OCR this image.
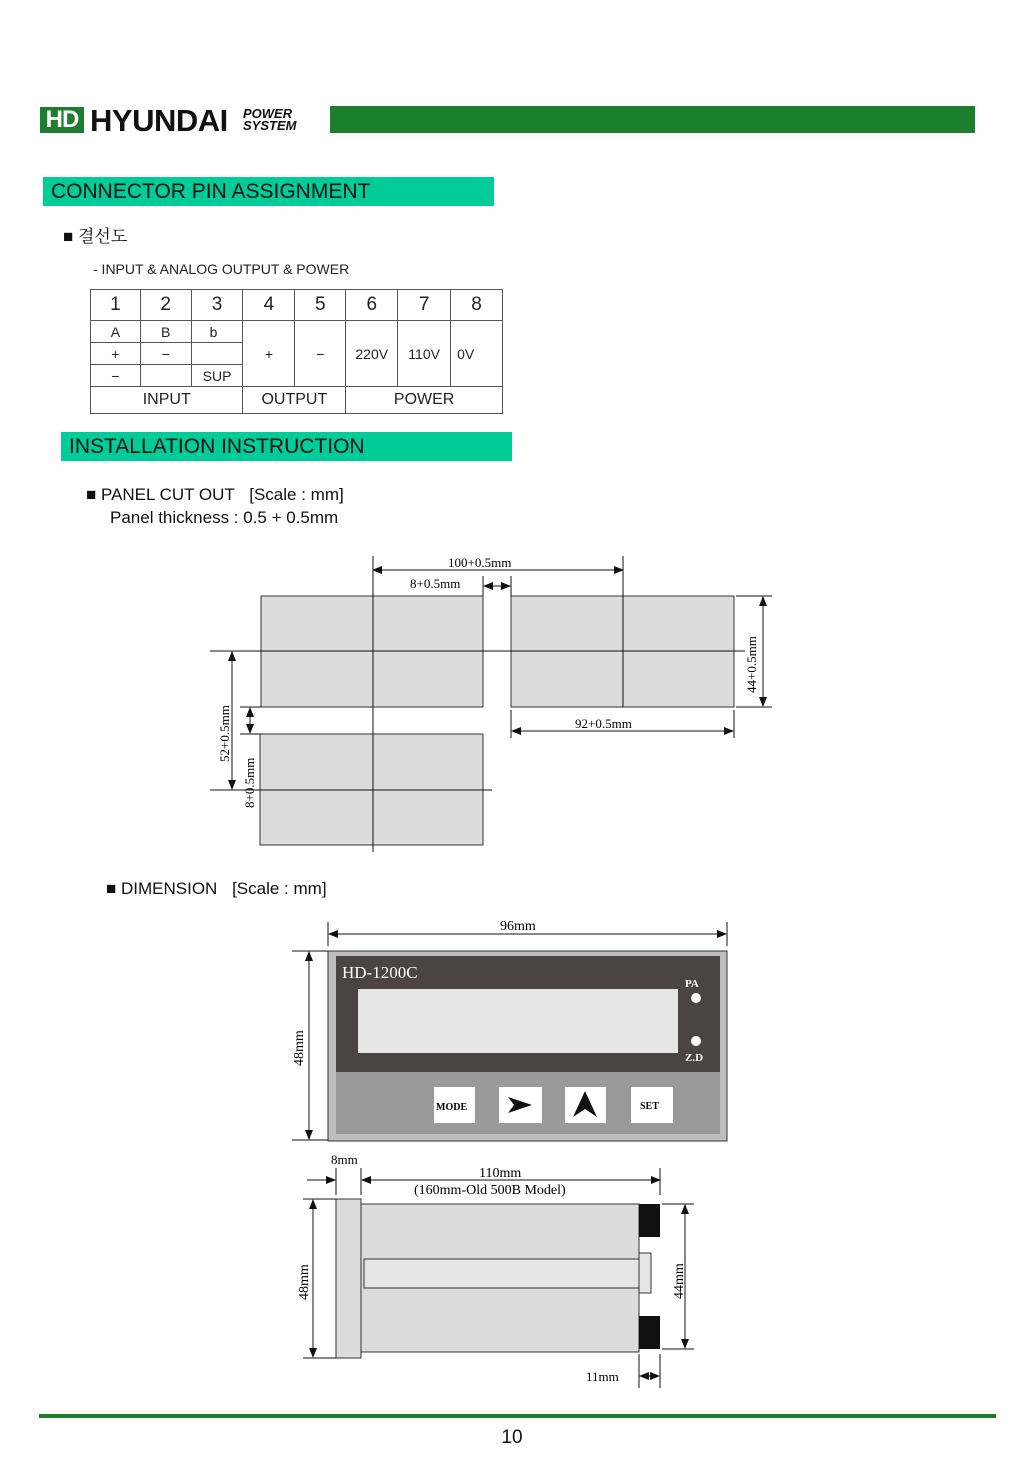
HD HYUNDAI POWER
SYSTEM
CONNECTOR PIN ASSIGNMENT
■ 결선도
- INPUT & ANALOG OUTPUT & POWER
1	2	3	4	5	6	7	8
A	B	b	+	−	220V	110V	0V
+	−						
−		SUP					
INPUT			OUTPUT		POWER		
INSTALLATION INSTRUCTION
■ PANEL CUT OUT [Scale : mm]
Panel thickness : 0.5 + 0.5mm
100+0.5mm
8+0.5mm
44+0.5mm
92+0.5mm
52+0.5mm
8+0.5mm
■ DIMENSION [Scale : mm]
96mm
48mm
HD-1200C
PA
Z.D
MODE	SET
8mm
110mm
(160mm-Old 500B Model)
48mm	44mm
11mm
10
